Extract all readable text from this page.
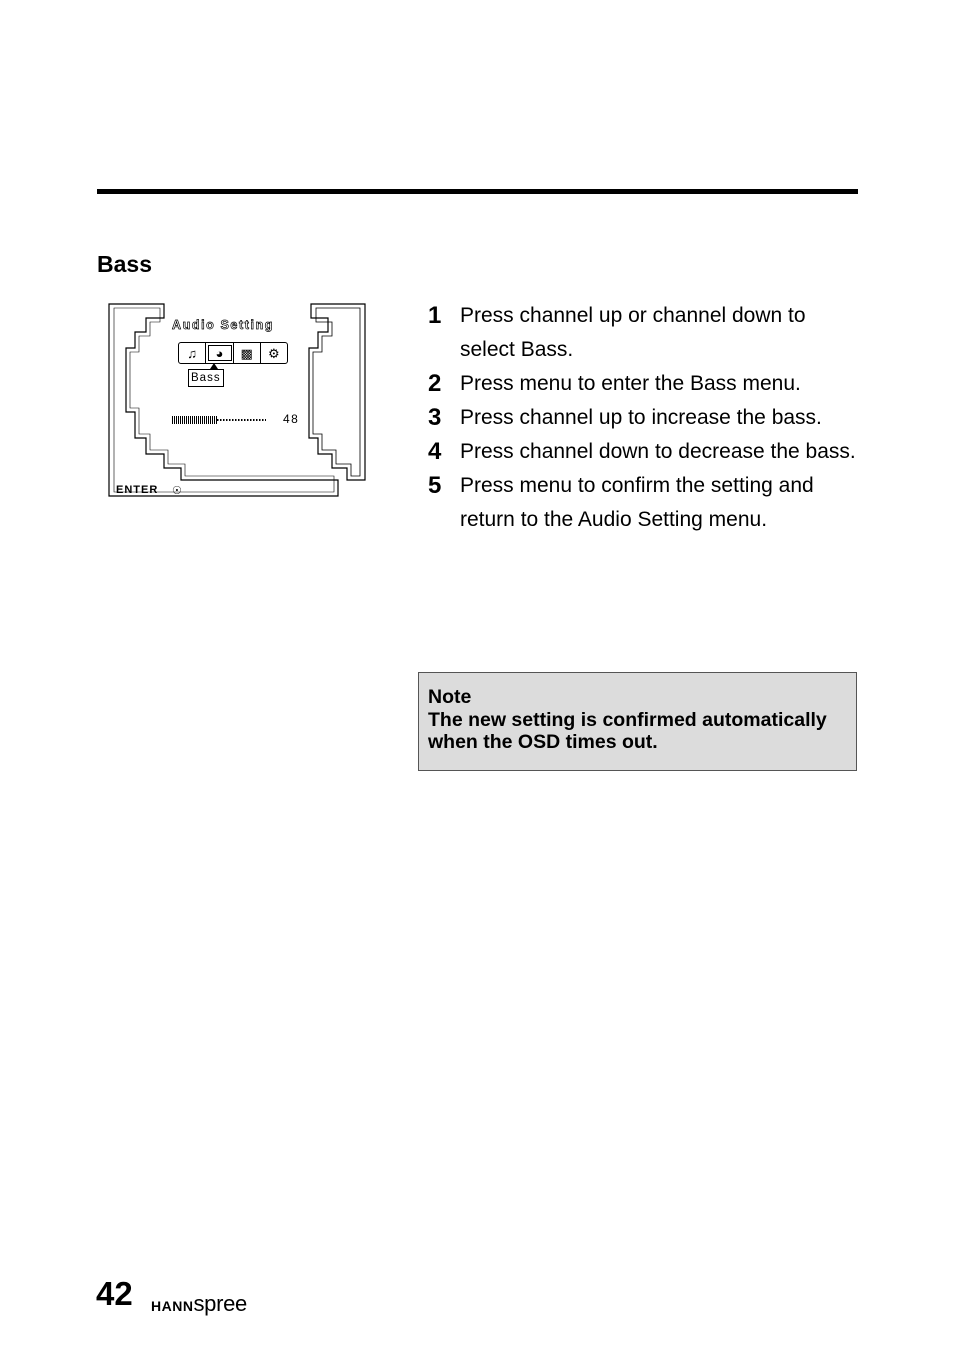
Bass
Audio Setting
♫	◕	▩	⚙
Bass
48
ENTER ☉
1 Press channel up or channel down to select Bass.
2 Press menu to enter the Bass menu.
3 Press channel up to increase the bass.
4 Press channel down to decrease the bass.
5 Press menu to confirm the setting and return to the Audio Setting menu.
Note
The new setting is confirmed automatically when the OSD times out.
42 HANNspree
